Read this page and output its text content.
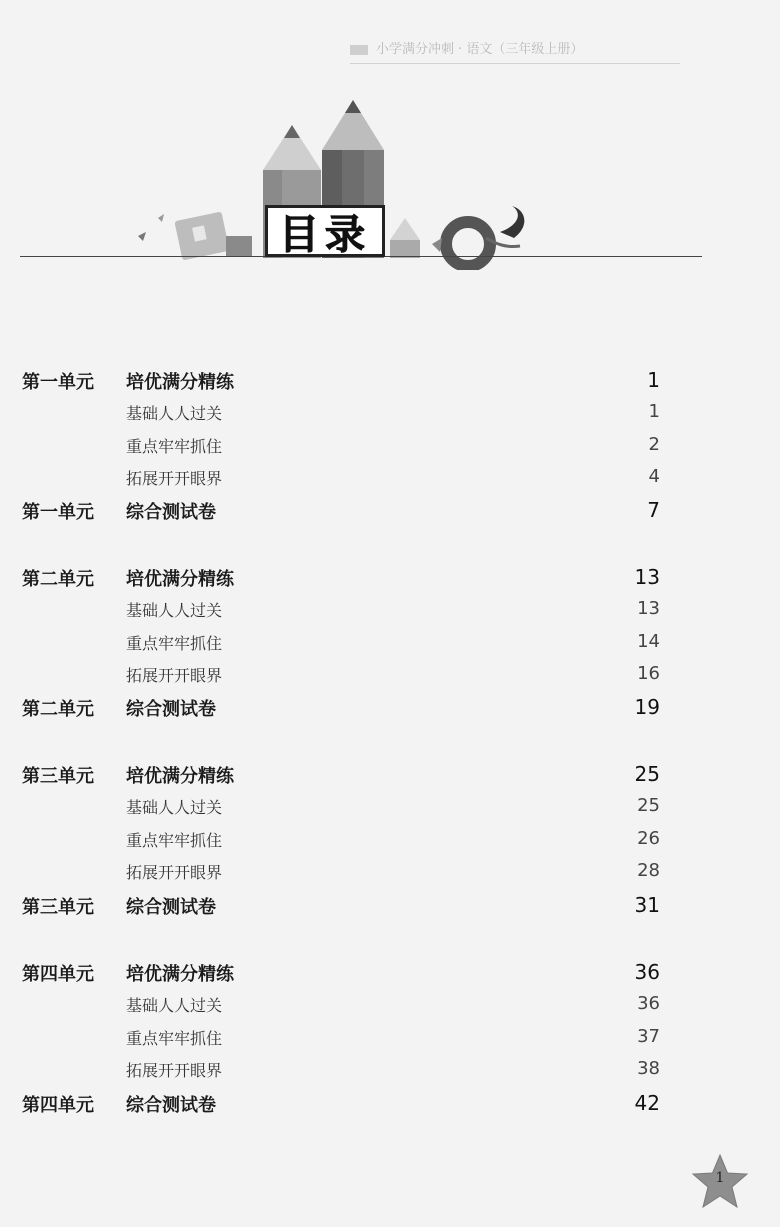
小学满分冲刺 · 语文（三年级上册）
目录
第一单元 培优满分精练	1
基础人人过关	1
重点牢牢抓住	2
拓展开开眼界	4
第一单元 综合测试卷	7
第二单元 培优满分精练	13
基础人人过关	13
重点牢牢抓住	14
拓展开开眼界	16
第二单元 综合测试卷	19
第三单元 培优满分精练	25
基础人人过关	25
重点牢牢抓住	26
拓展开开眼界	28
第三单元 综合测试卷	31
第四单元 培优满分精练	36
基础人人过关	36
重点牢牢抓住	37
拓展开开眼界	38
第四单元 综合测试卷	42
1
